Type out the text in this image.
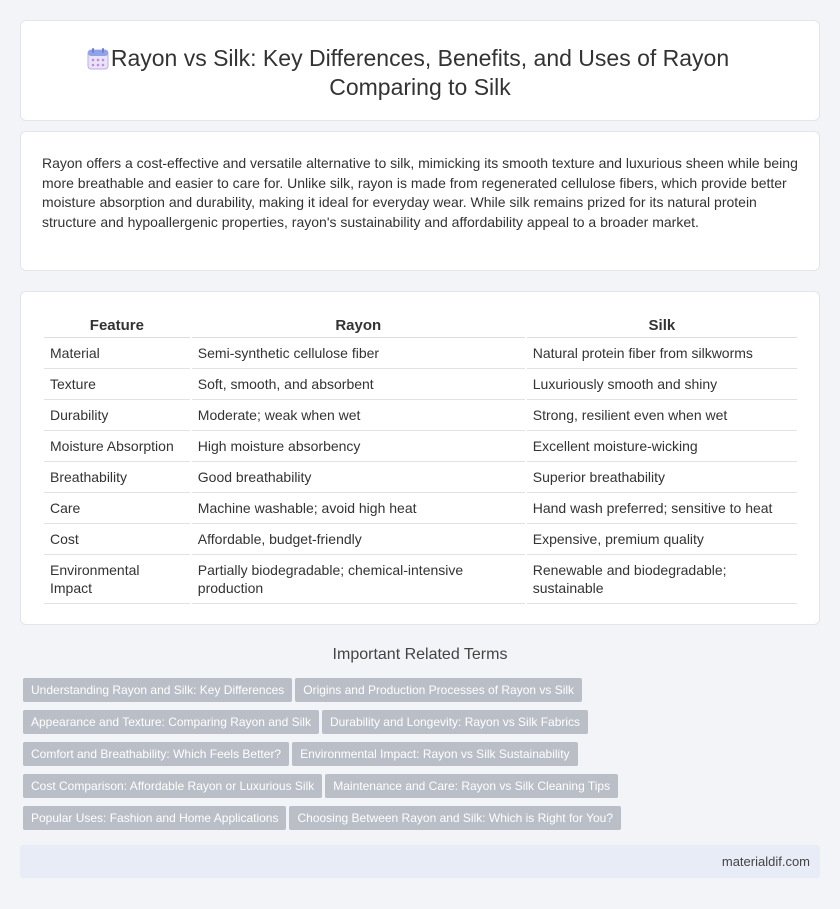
Rayon vs Silk: Key Differences, Benefits, and Uses of Rayon
Comparing to Silk

Rayon offers a cost-effective and versatile alternative to silk, mimicking its smooth texture and luxurious sheen while being more breathable and easier to care for. Unlike silk, rayon is made from regenerated cellulose fibers, which provide better moisture absorption and durability, making it ideal for everyday wear. While silk remains prized for its natural protein structure and hypoallergenic properties, rayon's sustainability and affordability appeal to a broader market.

Feature	Rayon	Silk
Material	Semi-synthetic cellulose fiber	Natural protein fiber from silkworms
Texture	Soft, smooth, and absorbent	Luxuriously smooth and shiny
Durability	Moderate; weak when wet	Strong, resilient even when wet
Moisture Absorption	High moisture absorbency	Excellent moisture-wicking
Breathability	Good breathability	Superior breathability
Care	Machine washable; avoid high heat	Hand wash preferred; sensitive to heat
Cost	Affordable, budget-friendly	Expensive, premium quality
Environmental Impact	Partially biodegradable; chemical-intensive production	Renewable and biodegradable; sustainable
Important Related Terms
Understanding Rayon and Silk: Key Differences Origins and Production Processes of Rayon vs Silk
Appearance and Texture: Comparing Rayon and Silk Durability and Longevity: Rayon vs Silk Fabrics
Comfort and Breathability: Which Feels Better? Environmental Impact: Rayon vs Silk Sustainability
Cost Comparison: Affordable Rayon or Luxurious Silk Maintenance and Care: Rayon vs Silk Cleaning Tips
Popular Uses: Fashion and Home Applications Choosing Between Rayon and Silk: Which is Right for You?
materialdif.com
